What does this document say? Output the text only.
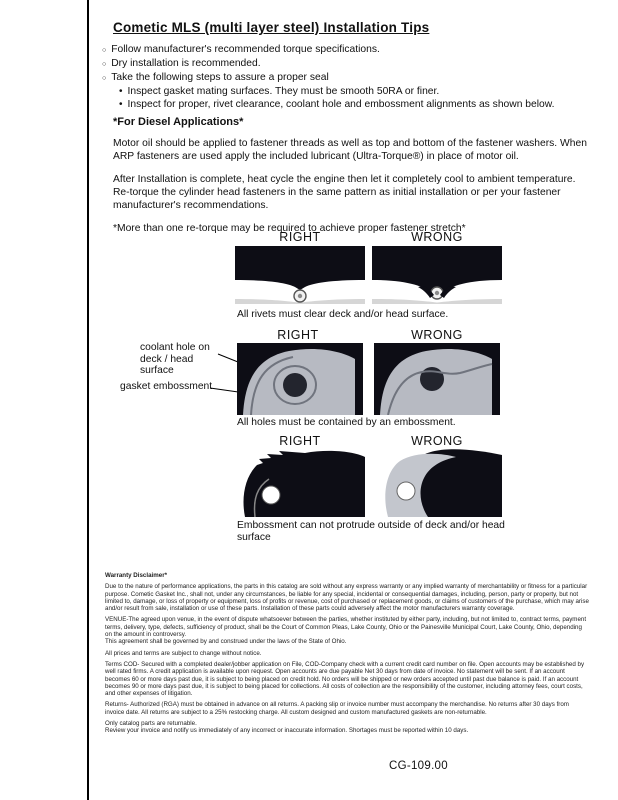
Cometic MLS (multi layer steel) Installation Tips
○ Follow manufacturer's recommended torque specifications.
○ Dry installation is recommended.
○ Take the following steps to assure a proper seal
• Inspect gasket mating surfaces. They must be smooth 50RA or finer.
• Inspect for proper, rivet clearance, coolant hole and embossment alignments as shown below.
*For Diesel Applications*

Motor oil should be applied to fastener threads as well as top and bottom of the fastener washers. When ARP fasteners are used apply the included lubricant (Ultra-Torque®) in place of motor oil.

After Installation is complete, heat cycle the engine then let it completely cool to ambient temperature. Re-torque the cylinder head fasteners in the same pattern as initial installation or per your fastener manufacturer's recommendations.

*More than one re-torque may be required to achieve proper fastener stretch*

RIGHT	WRONG
All rivets must clear deck and/or head surface.
RIGHT	WRONG
coolant hole on deck / head surface
gasket embossment
All holes must be contained by an embossment.
RIGHT	WRONG
Embossment can not protrude outside of deck and/or head surface
Warranty Disclaimer*

Due to the nature of performance applications, the parts in this catalog are sold without any express warranty or any implied warranty of merchantability or fitness for a particular purpose. Cometic Gasket Inc., shall not, under any circumstances, be liable for any special, incidental or consequential damages, including, person, party or property, but not limited to, damage, or loss of property or equipment, loss of profits or revenue, cost of purchased or replacement goods, or claims of customers of the purchase, which may arise and/or result from sale, installation or use of these parts. Installation of these parts could adversely affect the motor manufacturers warranty coverage.

VENUE-The agreed upon venue, in the event of dispute whatsoever between the parties, whether instituted by either party, including, but not limited to, contract terms, payment terms, delivery, type, defects, sufficiency of product, shall be the Court of Common Pleas, Lake County, Ohio or the Painesville Municipal Court, Lake County, Ohio, depending on the amount in controversy.

This agreement shall be governed by and construed under the laws of the State of Ohio.

All prices and terms are subject to change without notice.

Terms COD- Secured with a completed dealer/jobber application on File, COD-Company check with a current credit card number on file. Open accounts may be established by well rated firms. A credit application is available upon request. Open accounts are due payable Net 30 days from date of invoice. No statement will be sent. If an account becomes 60 or more days past due, it is subject to being placed on credit hold. No orders will be shipped or new orders accepted until past due balance is paid. If an account becomes 90 or more days past due, it is subject to being placed for collections. All costs of collection are the responsibility of the customer, including attorney fees, court costs, and other expenses of litigation.

Returns- Authorized (RGA) must be obtained in advance on all returns. A packing slip or invoice number must accompany the merchandise. No returns after 30 days from invoice date. All returns are subject to a 25% restocking charge. All custom designed and custom manufactured gaskets are non-returnable.

Only catalog parts are returnable.

Review your invoice and notify us immediately of any incorrect or inaccurate information. Shortages must be reported within 10 days.

CG-109.00
